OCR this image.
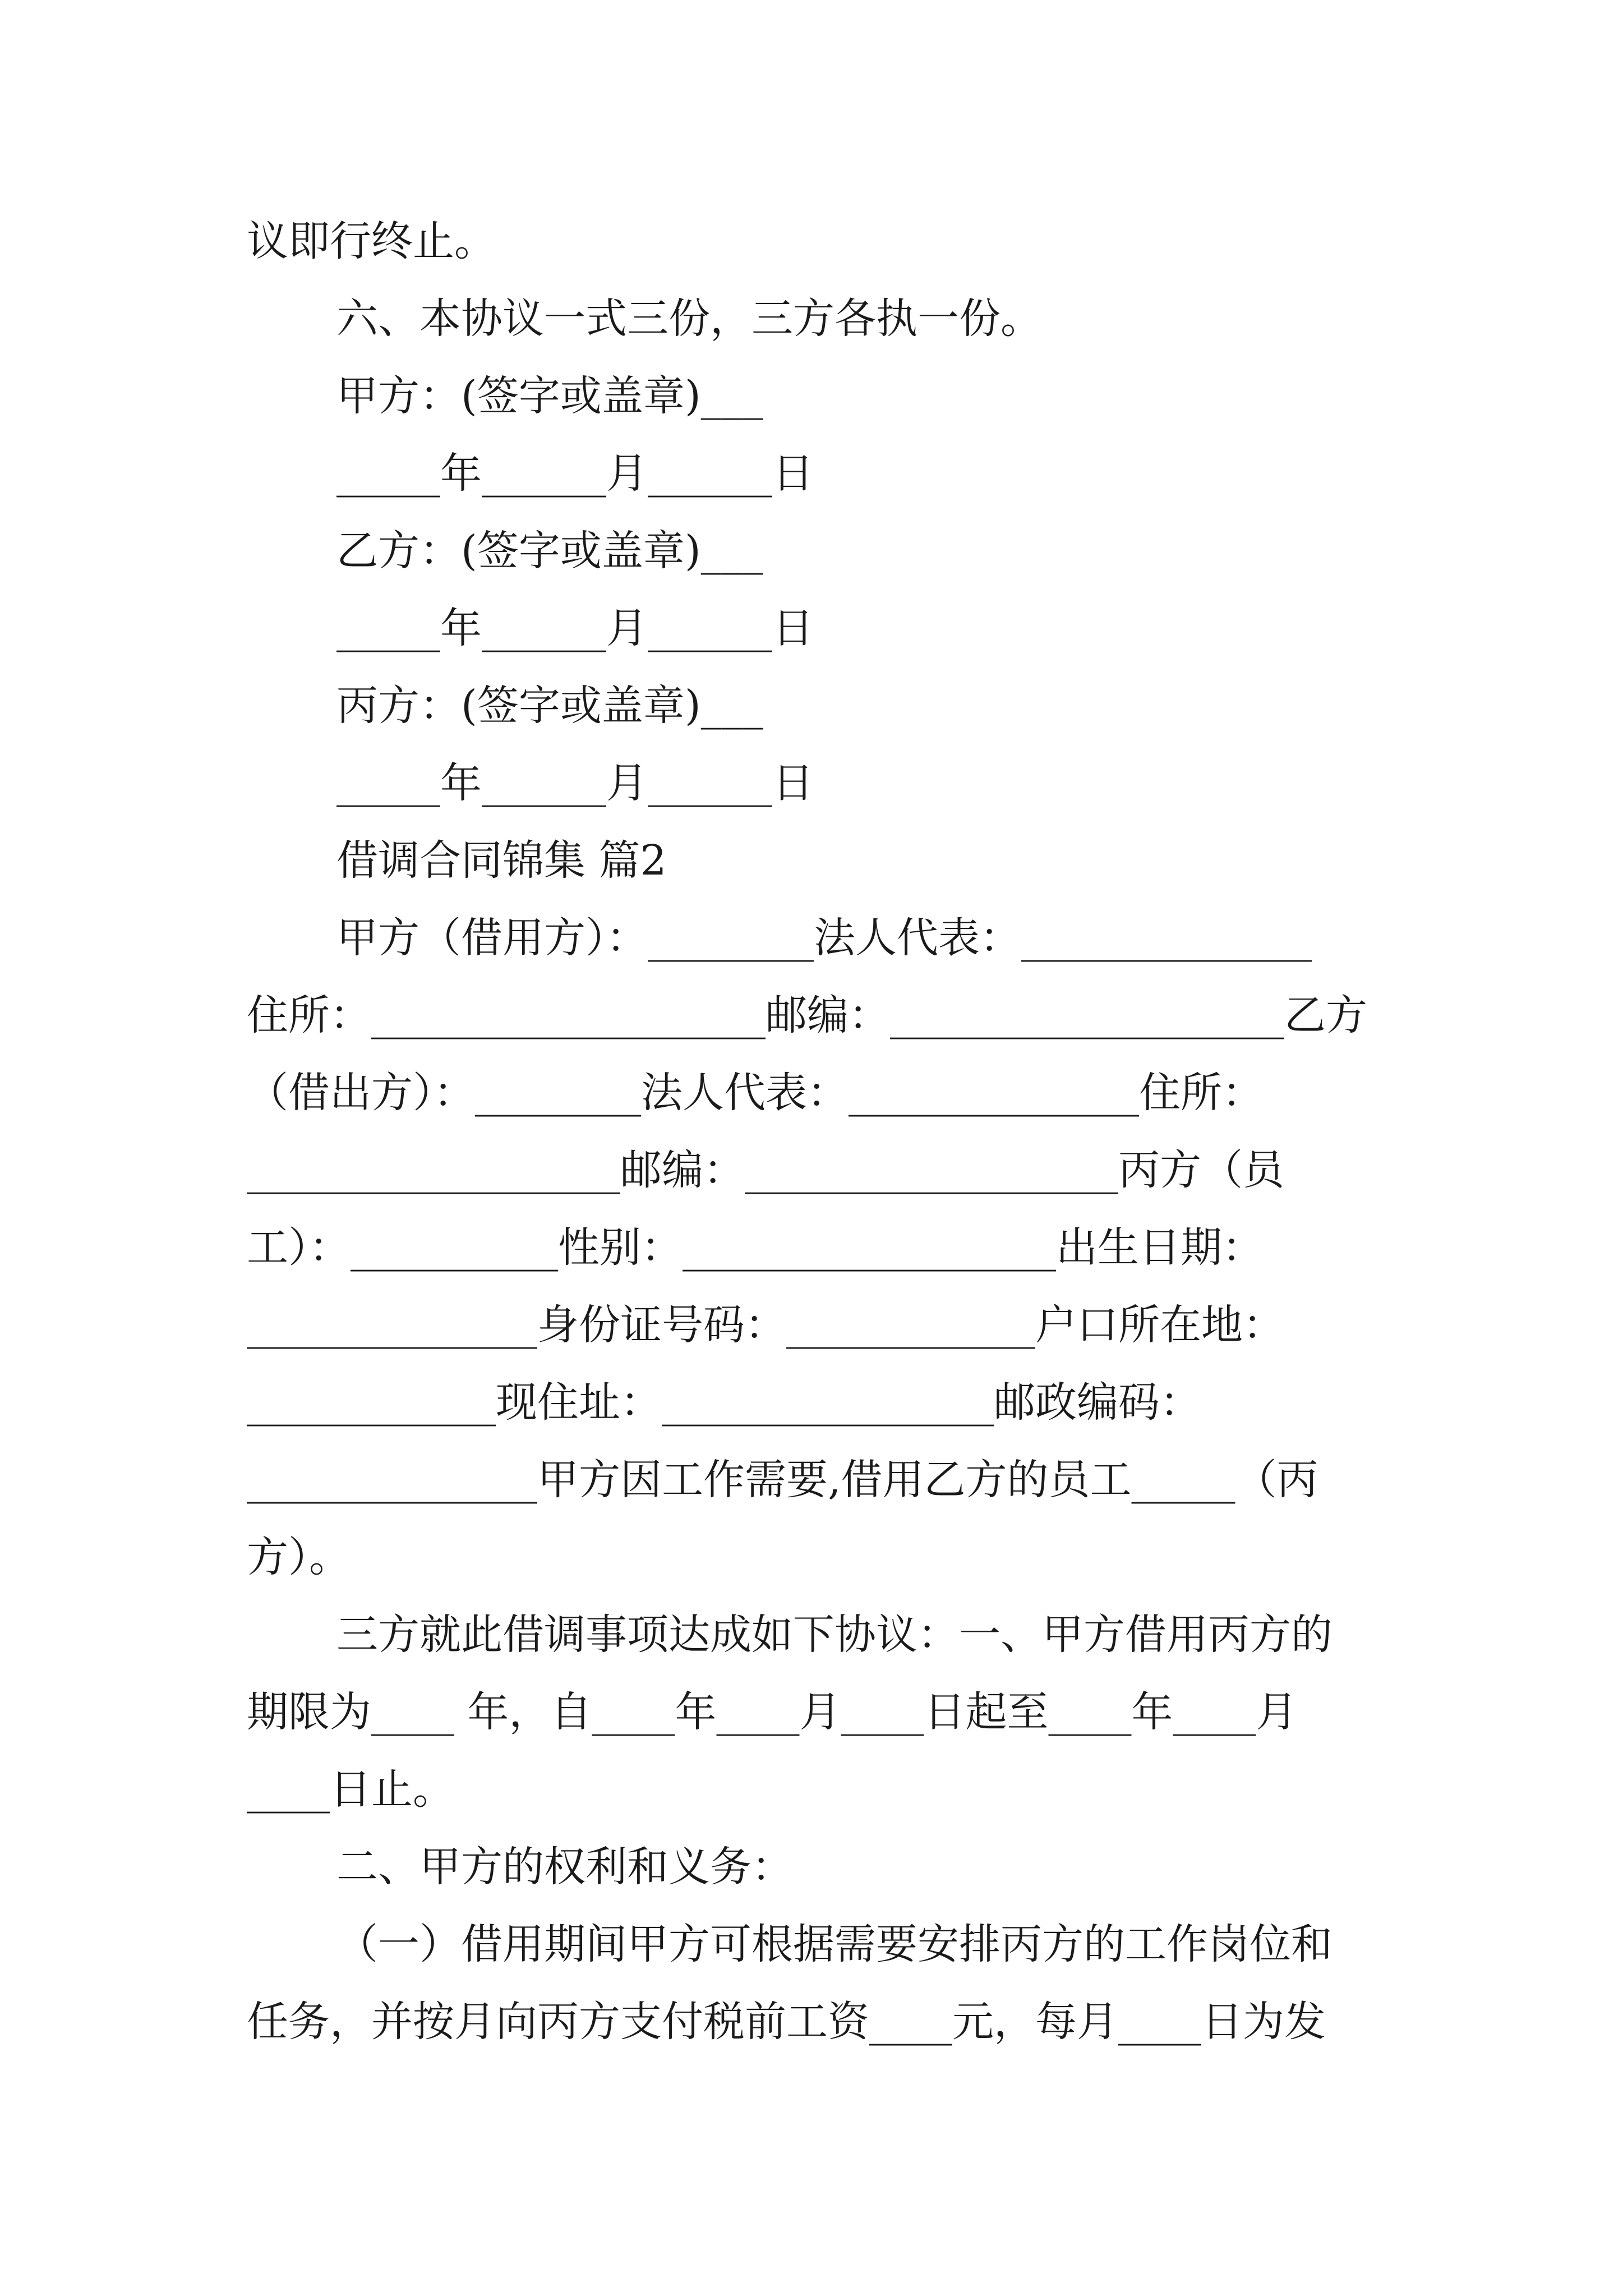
议即行终止。
六、本协议一式三份，三方各执一份。
甲方：(签字或盖章)___
_____年______月______日
乙方：(签字或盖章)___
_____年______月______日
丙方：(签字或盖章)___
_____年______月______日
借调合同锦集 篇2
甲方（借用方）：________法人代表：______________
住所：___________________邮编：___________________乙方
（借出方）：________法人代表：______________住所：
__________________邮编：__________________丙方（员
工）：__________性别：__________________出生日期：
______________身份证号码：____________户口所在地：
____________现住址：________________邮政编码：
______________甲方因工作需要,借用乙方的员工_____（丙
方）。
三方就此借调事项达成如下协议：一、甲方借用丙方的
期限为____ 年，自____年____月____日起至____年____月
____日止。
二、甲方的权利和义务：
（一）借用期间甲方可根据需要安排丙方的工作岗位和
任务，并按月向丙方支付税前工资____元，每月____日为发
